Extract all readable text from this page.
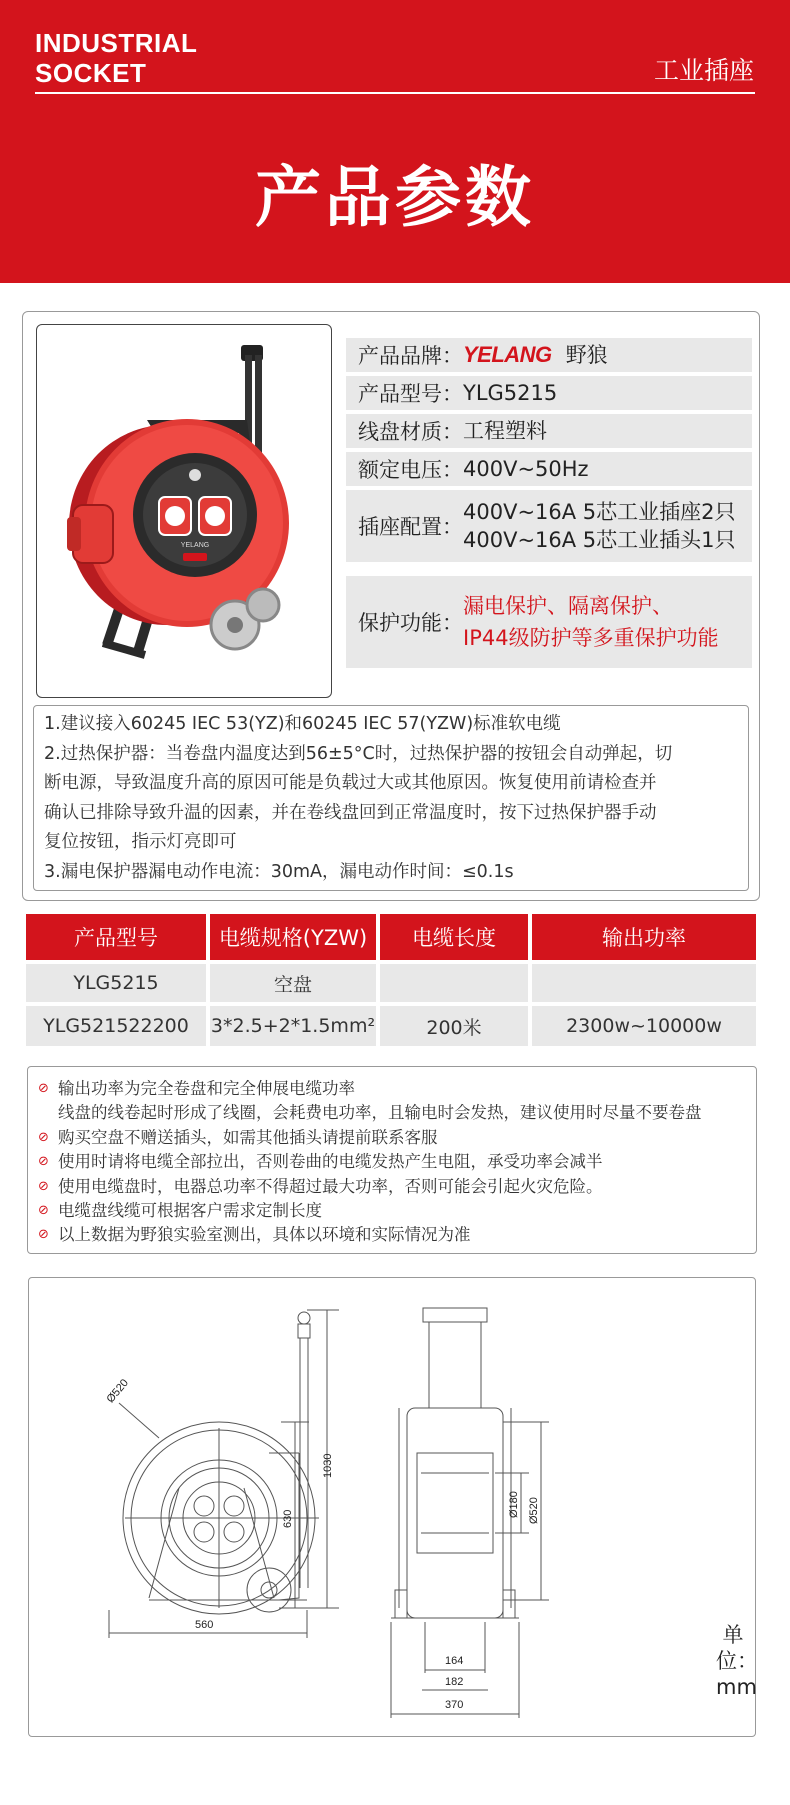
INDUSTRIAL
SOCKET	工业插座
产品参数
YELANG
产品品牌： YELANG 野狼
产品型号： YLG5215
线盘材质： 工程塑料
额定电压： 400V~50Hz
插座配置：
400V~16A 5芯工业插座2只
400V~16A 5芯工业插头1只
保护功能：
漏电保护、隔离保护、
IP44级防护等多重保护功能

1.建议接入60245 IEC 53(YZ)和60245 IEC 57(YZW)标准软电缆

2.过热保护器：当卷盘内温度达到56±5°C时，过热保护器的按钮会自动弹起，切

断电源，导致温度升高的原因可能是负载过大或其他原因。恢复使用前请检查并

确认已排除导致升温的因素，并在卷线盘回到正常温度时，按下过热保护器手动

复位按钮，指示灯亮即可

3.漏电保护器漏电动作电流：30mA，漏电动作时间：≤0.1s

产品型号	电缆规格(YZW)	电缆长度	输出功率
YLG5215	空盘
YLG521522200	3*2.5+2*1.5mm²	200米	2300w~10000w
⊘ 输出功率为完全卷盘和完全伸展电缆功率
线盘的线卷起时形成了线圈，会耗费电功率，且输电时会发热，建议使用时尽量不要卷盘
⊘ 购买空盘不赠送插头，如需其他插头请提前联系客服
⊘ 使用时请将电缆全部拉出，否则卷曲的电缆发热产生电阻，承受功率会减半
⊘ 使用电缆盘时，电器总功率不得超过最大功率，否则可能会引起火灾危险。
⊘ 电缆盘线缆可根据客户需求定制长度
⊘ 以上数据为野狼实验室测出，具体以环境和实际情况为准
Ø520
1030
630
560
Ø180 Ø520
164
182
370
单位：mm
